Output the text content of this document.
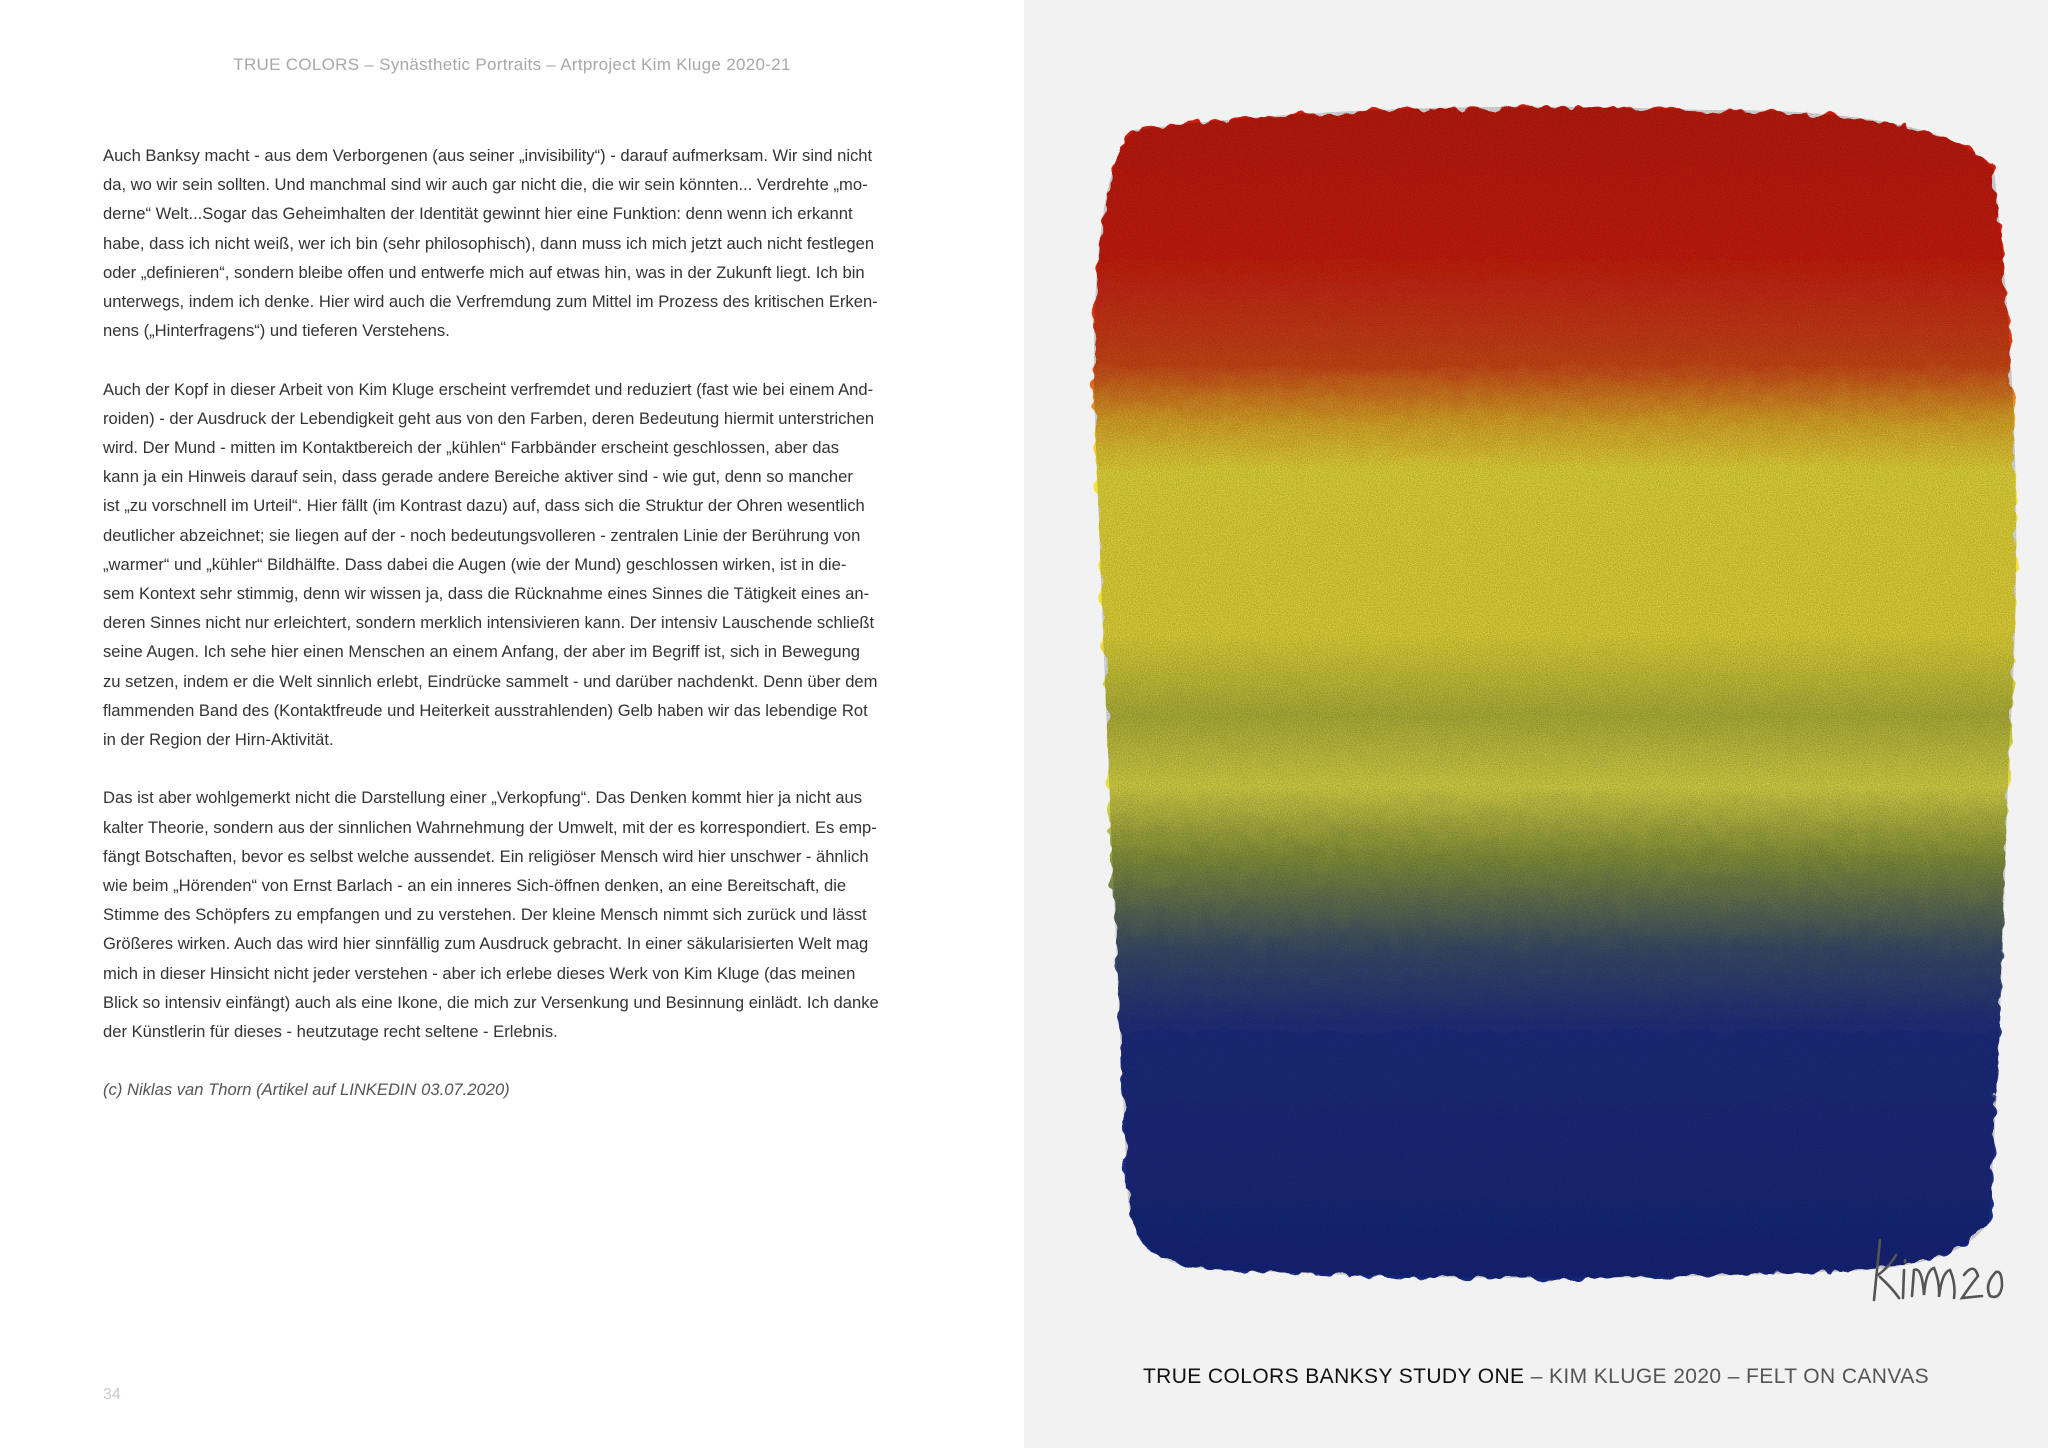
TRUE COLORS – Synästhetic Portraits – Artproject Kim Kluge 2020-21

Auch Banksy macht - aus dem Verborgenen (aus seiner „invisibility“) - darauf aufmerksam. Wir sind nicht
da, wo wir sein sollten. Und manchmal sind wir auch gar nicht die, die wir sein könnten... Verdrehte „mo-
derne“ Welt...Sogar das Geheimhalten der Identität gewinnt hier eine Funktion: denn wenn ich erkannt
habe, dass ich nicht weiß, wer ich bin (sehr philosophisch), dann muss ich mich jetzt auch nicht festlegen
oder „definieren“, sondern bleibe offen und entwerfe mich auf etwas hin, was in der Zukunft liegt. Ich bin
unterwegs, indem ich denke. Hier wird auch die Verfremdung zum Mittel im Prozess des kritischen Erken-
nens („Hinterfragens“) und tieferen Verstehens.

Auch der Kopf in dieser Arbeit von Kim Kluge erscheint verfremdet und reduziert (fast wie bei einem And-
roiden) - der Ausdruck der Lebendigkeit geht aus von den Farben, deren Bedeutung hiermit unterstrichen
wird. Der Mund - mitten im Kontaktbereich der „kühlen“ Farbbänder erscheint geschlossen, aber das
kann ja ein Hinweis darauf sein, dass gerade andere Bereiche aktiver sind - wie gut, denn so mancher
ist „zu vorschnell im Urteil“. Hier fällt (im Kontrast dazu) auf, dass sich die Struktur der Ohren wesentlich
deutlicher abzeichnet; sie liegen auf der - noch bedeutungsvolleren - zentralen Linie der Berührung von
„warmer“ und „kühler“ Bildhälfte. Dass dabei die Augen (wie der Mund) geschlossen wirken, ist in die-
sem Kontext sehr stimmig, denn wir wissen ja, dass die Rücknahme eines Sinnes die Tätigkeit eines an-
deren Sinnes nicht nur erleichtert, sondern merklich intensivieren kann. Der intensiv Lauschende schließt
seine Augen. Ich sehe hier einen Menschen an einem Anfang, der aber im Begriff ist, sich in Bewegung
zu setzen, indem er die Welt sinnlich erlebt, Eindrücke sammelt - und darüber nachdenkt. Denn über dem
flammenden Band des (Kontaktfreude und Heiterkeit ausstrahlenden) Gelb haben wir das lebendige Rot
in der Region der Hirn-Aktivität.

Das ist aber wohlgemerkt nicht die Darstellung einer „Verkopfung“. Das Denken kommt hier ja nicht aus
kalter Theorie, sondern aus der sinnlichen Wahrnehmung der Umwelt, mit der es korrespondiert. Es emp-
fängt Botschaften, bevor es selbst welche aussendet. Ein religiöser Mensch wird hier unschwer - ähnlich
wie beim „Hörenden“ von Ernst Barlach - an ein inneres Sich-öffnen denken, an eine Bereitschaft, die
Stimme des Schöpfers zu empfangen und zu verstehen. Der kleine Mensch nimmt sich zurück und lässt
Größeres wirken. Auch das wird hier sinnfällig zum Ausdruck gebracht. In einer säkularisierten Welt mag
mich in dieser Hinsicht nicht jeder verstehen - aber ich erlebe dieses Werk von Kim Kluge (das meinen
Blick so intensiv einfängt) auch als eine Ikone, die mich zur Versenkung und Besinnung einlädt. Ich danke
der Künstlerin für dieses - heutzutage recht seltene - Erlebnis.

(c) Niklas van Thorn (Artikel auf LINKEDIN 03.07.2020)

34
TRUE COLORS BANKSY STUDY ONE – KIM KLUGE 2020 – FELT ON CANVAS
